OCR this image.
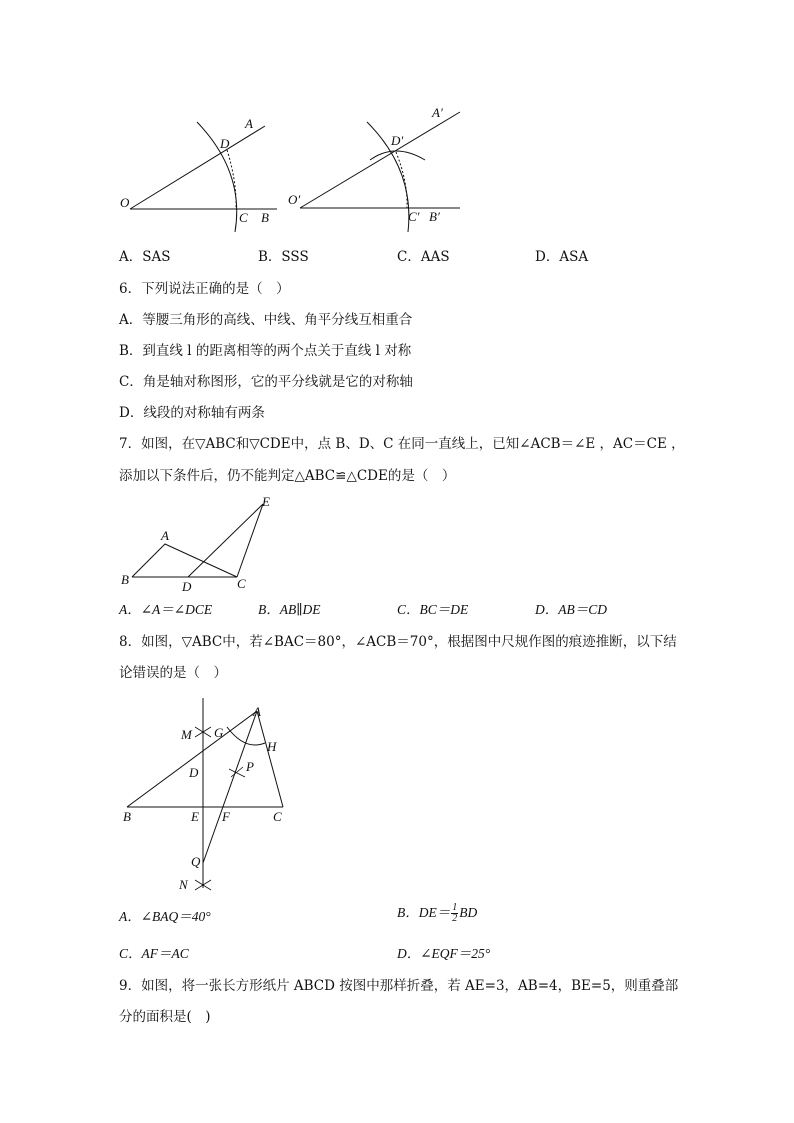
O
A
D
C B
O′
A′
D′
C′ B′
A．SAS	B．SSS	C．AAS	D．ASA
6．下列说法正确的是（　）
A．等腰三角形的高线、中线、角平分线互相重合
B．到直线 l 的距离相等的两个点关于直线 l 对称
C．角是轴对称图形，它的平分线就是它的对称轴
D．线段的对称轴有两条
7．如图，在▽ABC和▽CDE中，点 B、D、C 在同一直线上，已知∠ACB＝∠E ，AC＝CE ，
添加以下条件后，仍不能判定△ABC≌△CDE的是（　）
A
B	C
D
E
A．∠A＝∠DCE	B．AB∥DE	C．BC＝DE	D．AB＝CD
8．如图，▽ABC中，若∠BAC＝80°，∠ACB＝70°，根据图中尺规作图的痕迹推断，以下结
论错误的是（　）
A
M G
H
D	P
B	E F	C
Q
N
A．∠BAQ＝40°	B．$DE= \frac{1}{2}$ BD
C．AF＝AC	D．∠EQF＝25°
9．如图，将一张长方形纸片 ABCD 按图中那样折叠，若 AE=3，AB=4，BE=5，则重叠部
分的面积是(　)
